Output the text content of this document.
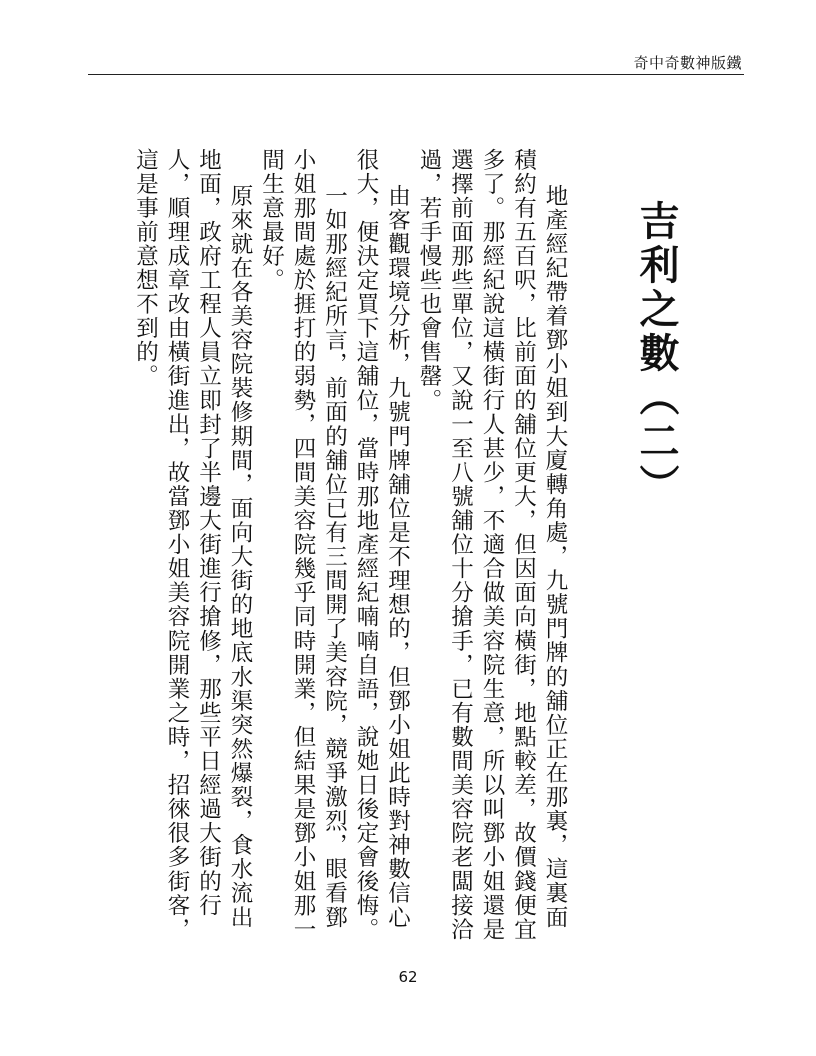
奇中奇數神版鐵
吉利之數（二）

地產經紀帶着鄧小姐到大廈轉角處，九號門牌的舖位正在那裏，這裏面積約有五百呎，比前面的舖位更大，但因面向橫街，地點較差，故價錢便宜多了。那經紀說這橫街行人甚少，不適合做美容院生意，所以叫鄧小姐還是選擇前面那些單位，又說一至八號舖位十分搶手，已有數間美容院老闆接洽過，若手慢些也會售罄。

由客觀環境分析，九號門牌舖位是不理想的，但鄧小姐此時對神數信心很大，便決定買下這舖位，當時那地產經紀喃喃自語，說她日後定會後悔。

一如那經紀所言，前面的舖位已有三間開了美容院，競爭激烈，眼看鄧小姐那間處於捱打的弱勢，四間美容院幾乎同時開業，但結果是鄧小姐那一間生意最好。

原來就在各美容院裝修期間，面向大街的地底水渠突然爆裂，食水流出地面，政府工程人員立即封了半邊大街進行搶修，那些平日經過大街的行人，順理成章改由橫街進出，故當鄧小姐美容院開業之時，招徠很多街客，這是事前意想不到的。

62
